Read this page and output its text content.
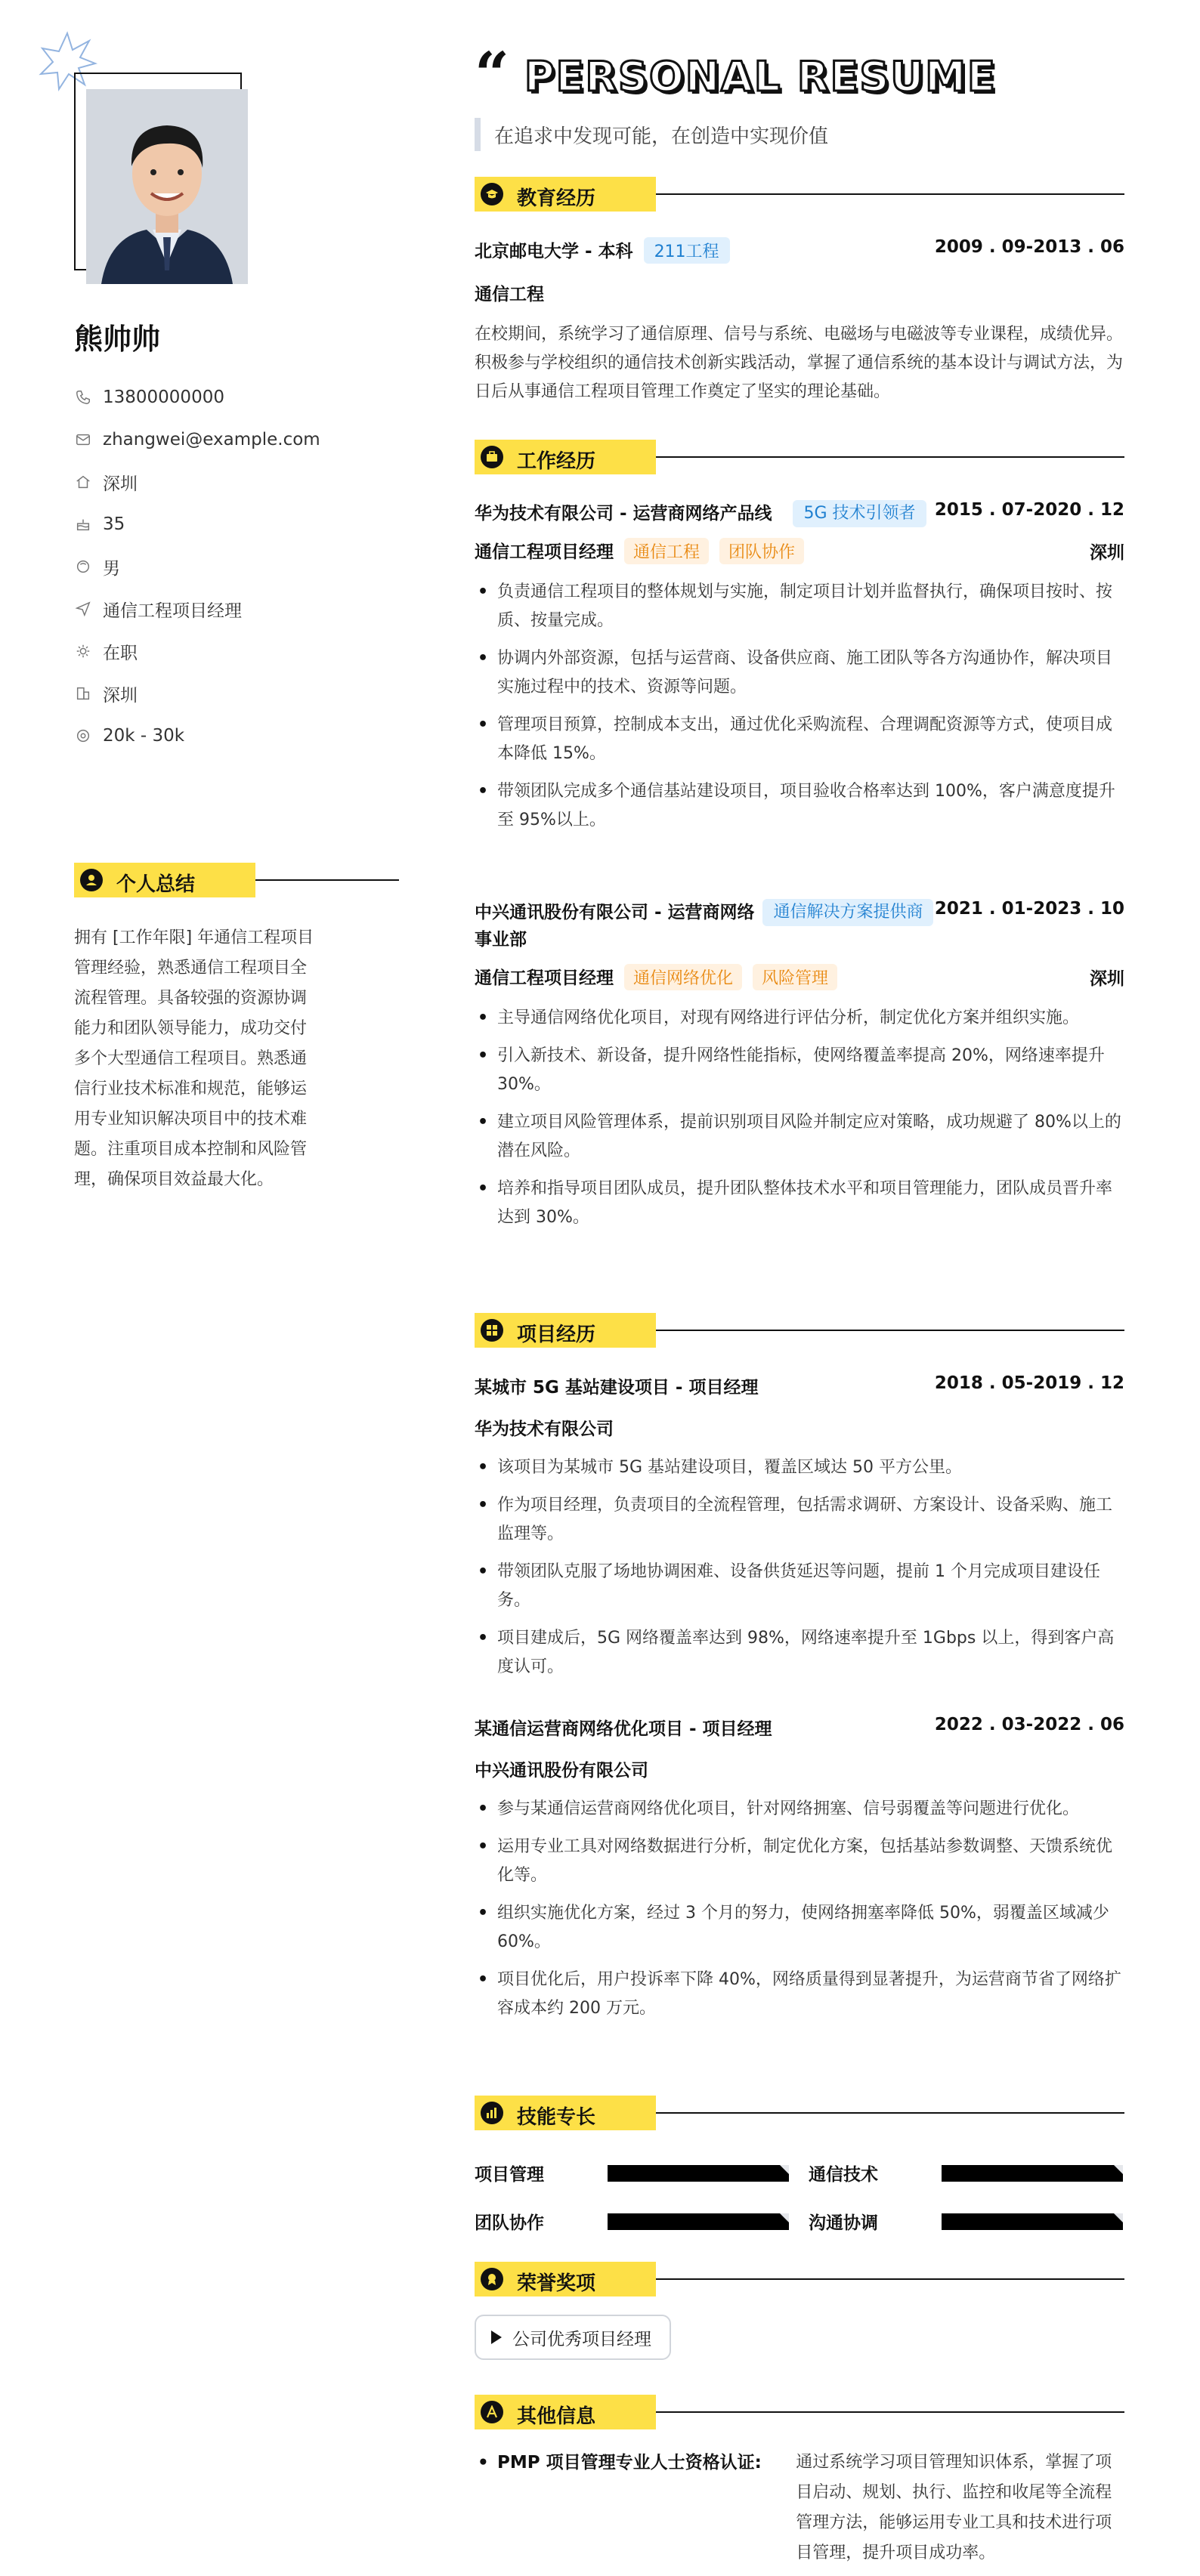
熊帅帅
13800000000
zhangwei@example.com
深圳
35
男
通信工程项目经理
在职
深圳
20k - 30k
个人总结
拥有 [工作年限] 年通信工程项目管理经验，熟悉通信工程项目全流程管理。具备较强的资源协调能力和团队领导能力，成功交付多个大型通信工程项目。熟悉通信行业技术标准和规范，能够运用专业知识解决项目中的技术难题。注重项目成本控制和风险管理，确保项目效益最大化。
“ PERSONAL RESUME
在追求中发现可能，在创造中实现价值
教育经历
北京邮电大学 - 本科 211工程	2009 . 09-2013 . 06
通信工程
在校期间，系统学习了通信原理、信号与系统、电磁场与电磁波等专业课程，成绩优异。积极参与学校组织的通信技术创新实践活动，掌握了通信系统的基本设计与调试方法，为日后从事通信工程项目管理工作奠定了坚实的理论基础。
工作经历
华为技术有限公司 - 运营商网络产品线	5G 技术引领者	2015 . 07-2020 . 12
通信工程项目经理 通信工程 团队协作	深圳
• 负责通信工程项目的整体规划与实施，制定项目计划并监督执行，确保项目按时、按质、按量完成。
• 协调内外部资源，包括与运营商、设备供应商、施工团队等各方沟通协作，解决项目实施过程中的技术、资源等问题。
• 管理项目预算，控制成本支出，通过优化采购流程、合理调配资源等方式，使项目成本降低 15%。
• 带领团队完成多个通信基站建设项目，项目验收合格率达到 100%，客户满意度提升至 95%以上。
中兴通讯股份有限公司 - 运营商网络事业部
通信解决方案提供商 2021 . 01-2023 . 10
通信工程项目经理 通信网络优化 风险管理	深圳
• 主导通信网络优化项目，对现有网络进行评估分析，制定优化方案并组织实施。
• 引入新技术、新设备，提升网络性能指标，使网络覆盖率提高 20%，网络速率提升 30%。
• 建立项目风险管理体系，提前识别项目风险并制定应对策略，成功规避了 80%以上的潜在风险。
• 培养和指导项目团队成员，提升团队整体技术水平和项目管理能力，团队成员晋升率达到 30%。
项目经历
某城市 5G 基站建设项目 - 项目经理	2018 . 05-2019 . 12
华为技术有限公司
• 该项目为某城市 5G 基站建设项目，覆盖区域达 50 平方公里。
• 作为项目经理，负责项目的全流程管理，包括需求调研、方案设计、设备采购、施工监理等。
• 带领团队克服了场地协调困难、设备供货延迟等问题，提前 1 个月完成项目建设任务。
• 项目建成后，5G 网络覆盖率达到 98%，网络速率提升至 1Gbps 以上，得到客户高度认可。
某通信运营商网络优化项目 - 项目经理	2022 . 03-2022 . 06
中兴通讯股份有限公司
• 参与某通信运营商网络优化项目，针对网络拥塞、信号弱覆盖等问题进行优化。
• 运用专业工具对网络数据进行分析，制定优化方案，包括基站参数调整、天馈系统优化等。
• 组织实施优化方案，经过 3 个月的努力，使网络拥塞率降低 50%，弱覆盖区域减少 60%。
• 项目优化后，用户投诉率下降 40%，网络质量得到显著提升，为运营商节省了网络扩容成本约 200 万元。
技能专长
项目管理	通信技术
团队协作	沟通协调
荣誉奖项
公司优秀项目经理
其他信息
• PMP 项目管理专业人士资格认证:	通过系统学习项目管理知识体系，掌握了项目启动、规划、执行、监控和收尾等全流程管理方法，能够运用专业工具和技术进行项目管理，提升项目成功率。
